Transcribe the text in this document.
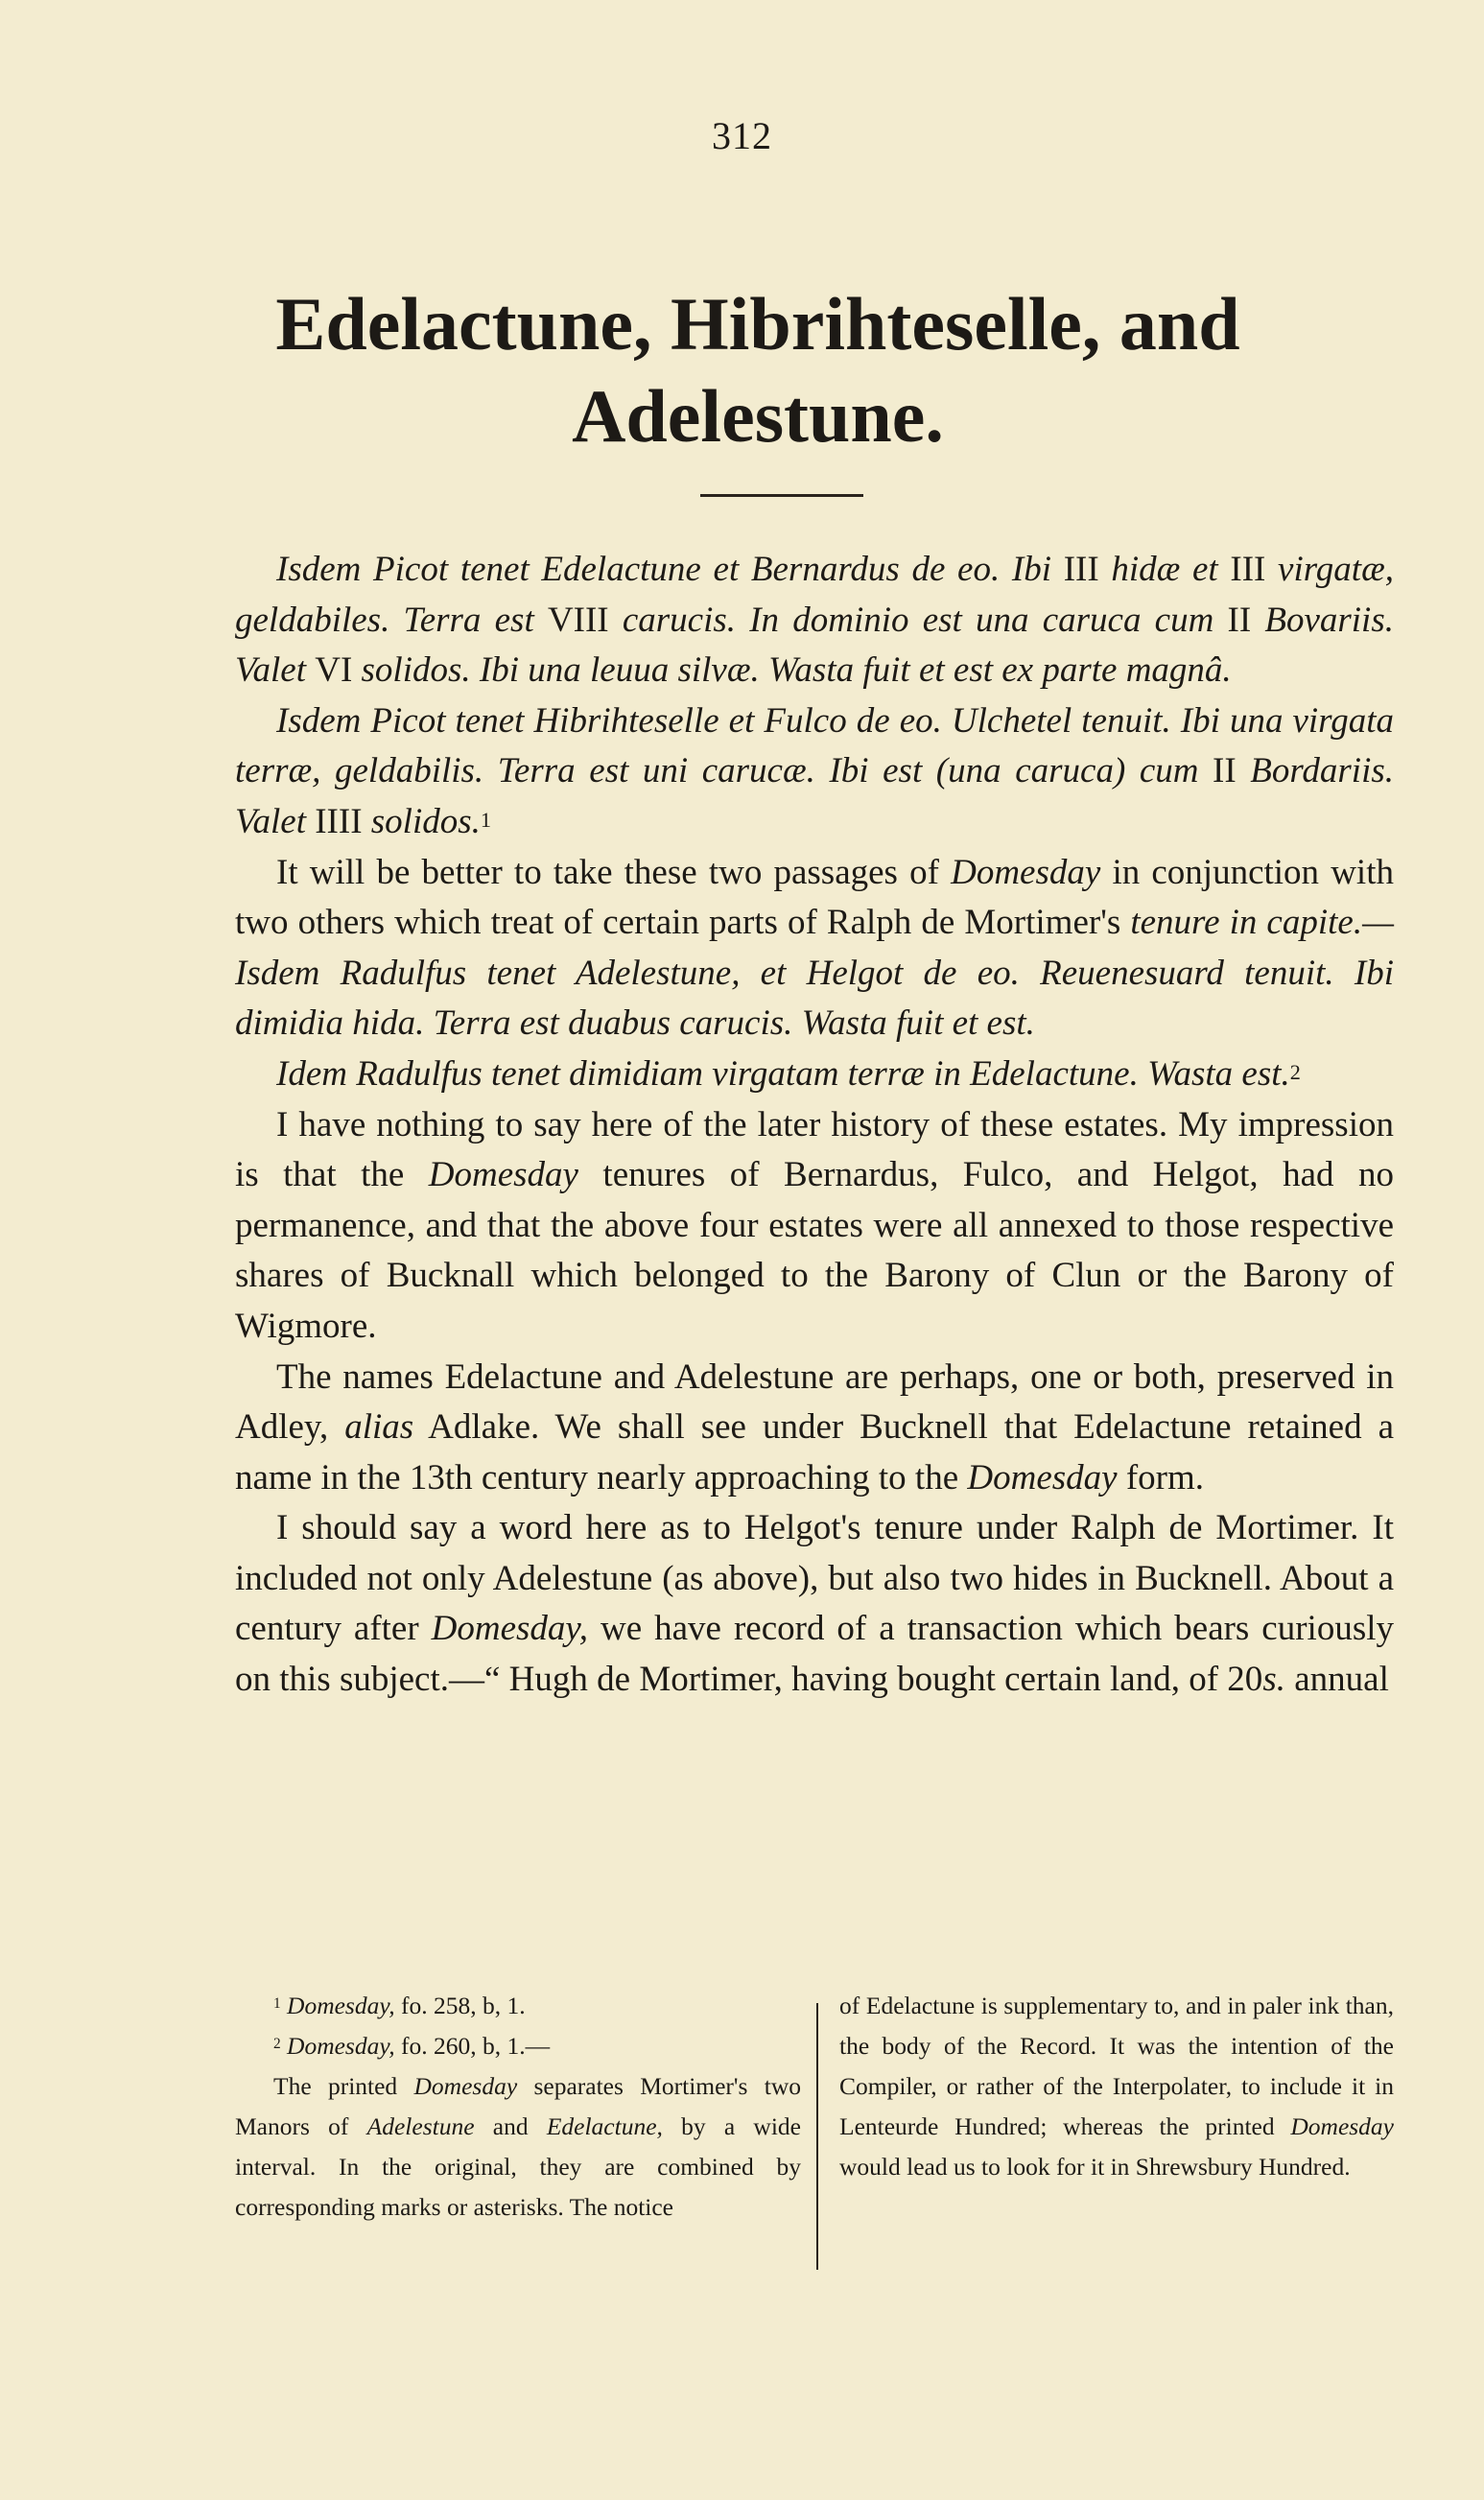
312
Edelactune, Hibrihteselle, and Adelestune.

Isdem Picot tenet Edelactune et Bernardus de eo. Ibi III hidæ et III virgatæ, geldabiles. Terra est VIII carucis. In dominio est una caruca cum II Bovariis. Valet VI solidos. Ibi una leuua silvæ. Wasta fuit et est ex parte magnâ.

Isdem Picot tenet Hibrihteselle et Fulco de eo. Ulchetel tenuit. Ibi una virgata terræ, geldabilis. Terra est uni carucæ. Ibi est (una caruca) cum II Bordariis. Valet IIII solidos.$^1$

It will be better to take these two passages of Domesday in conjunction with two others which treat of certain parts of Ralph de Mortimer's tenure in capite.—Isdem Radulfus tenet Adelestune, et Helgot de eo. Reuenesuard tenuit. Ibi dimidia hida. Terra est duabus carucis. Wasta fuit et est.

Idem Radulfus tenet dimidiam virgatam terræ in Edelactune. Wasta est.$^2$

I have nothing to say here of the later history of these estates. My impression is that the Domesday tenures of Bernardus, Fulco, and Helgot, had no permanence, and that the above four estates were all annexed to those respective shares of Bucknall which belonged to the Barony of Clun or the Barony of Wigmore.

The names Edelactune and Adelestune are perhaps, one or both, preserved in Adley, alias Adlake. We shall see under Bucknell that Edelactune retained a name in the 13th century nearly approaching to the Domesday form.

I should say a word here as to Helgot's tenure under Ralph de Mortimer. It included not only Adelestune (as above), but also two hides in Bucknell. About a century after Domesday, we have record of a transaction which bears curiously on this subject.—“ Hugh de Mortimer, having bought certain land, of 20s. annual

$^1$ Domesday, fo. 258, b, 1.

$^2$ Domesday, fo. 260, b, 1.—

The printed Domesday separates Mortimer's two Manors of Adelestune and Edelactune, by a wide interval. In the original, they are combined by corresponding marks or asterisks. The notice

of Edelactune is supplementary to, and in paler ink than, the body of the Record. It was the intention of the Compiler, or rather of the Interpolater, to include it in Lenteurde Hundred; whereas the printed Domesday would lead us to look for it in Shrewsbury Hundred.
